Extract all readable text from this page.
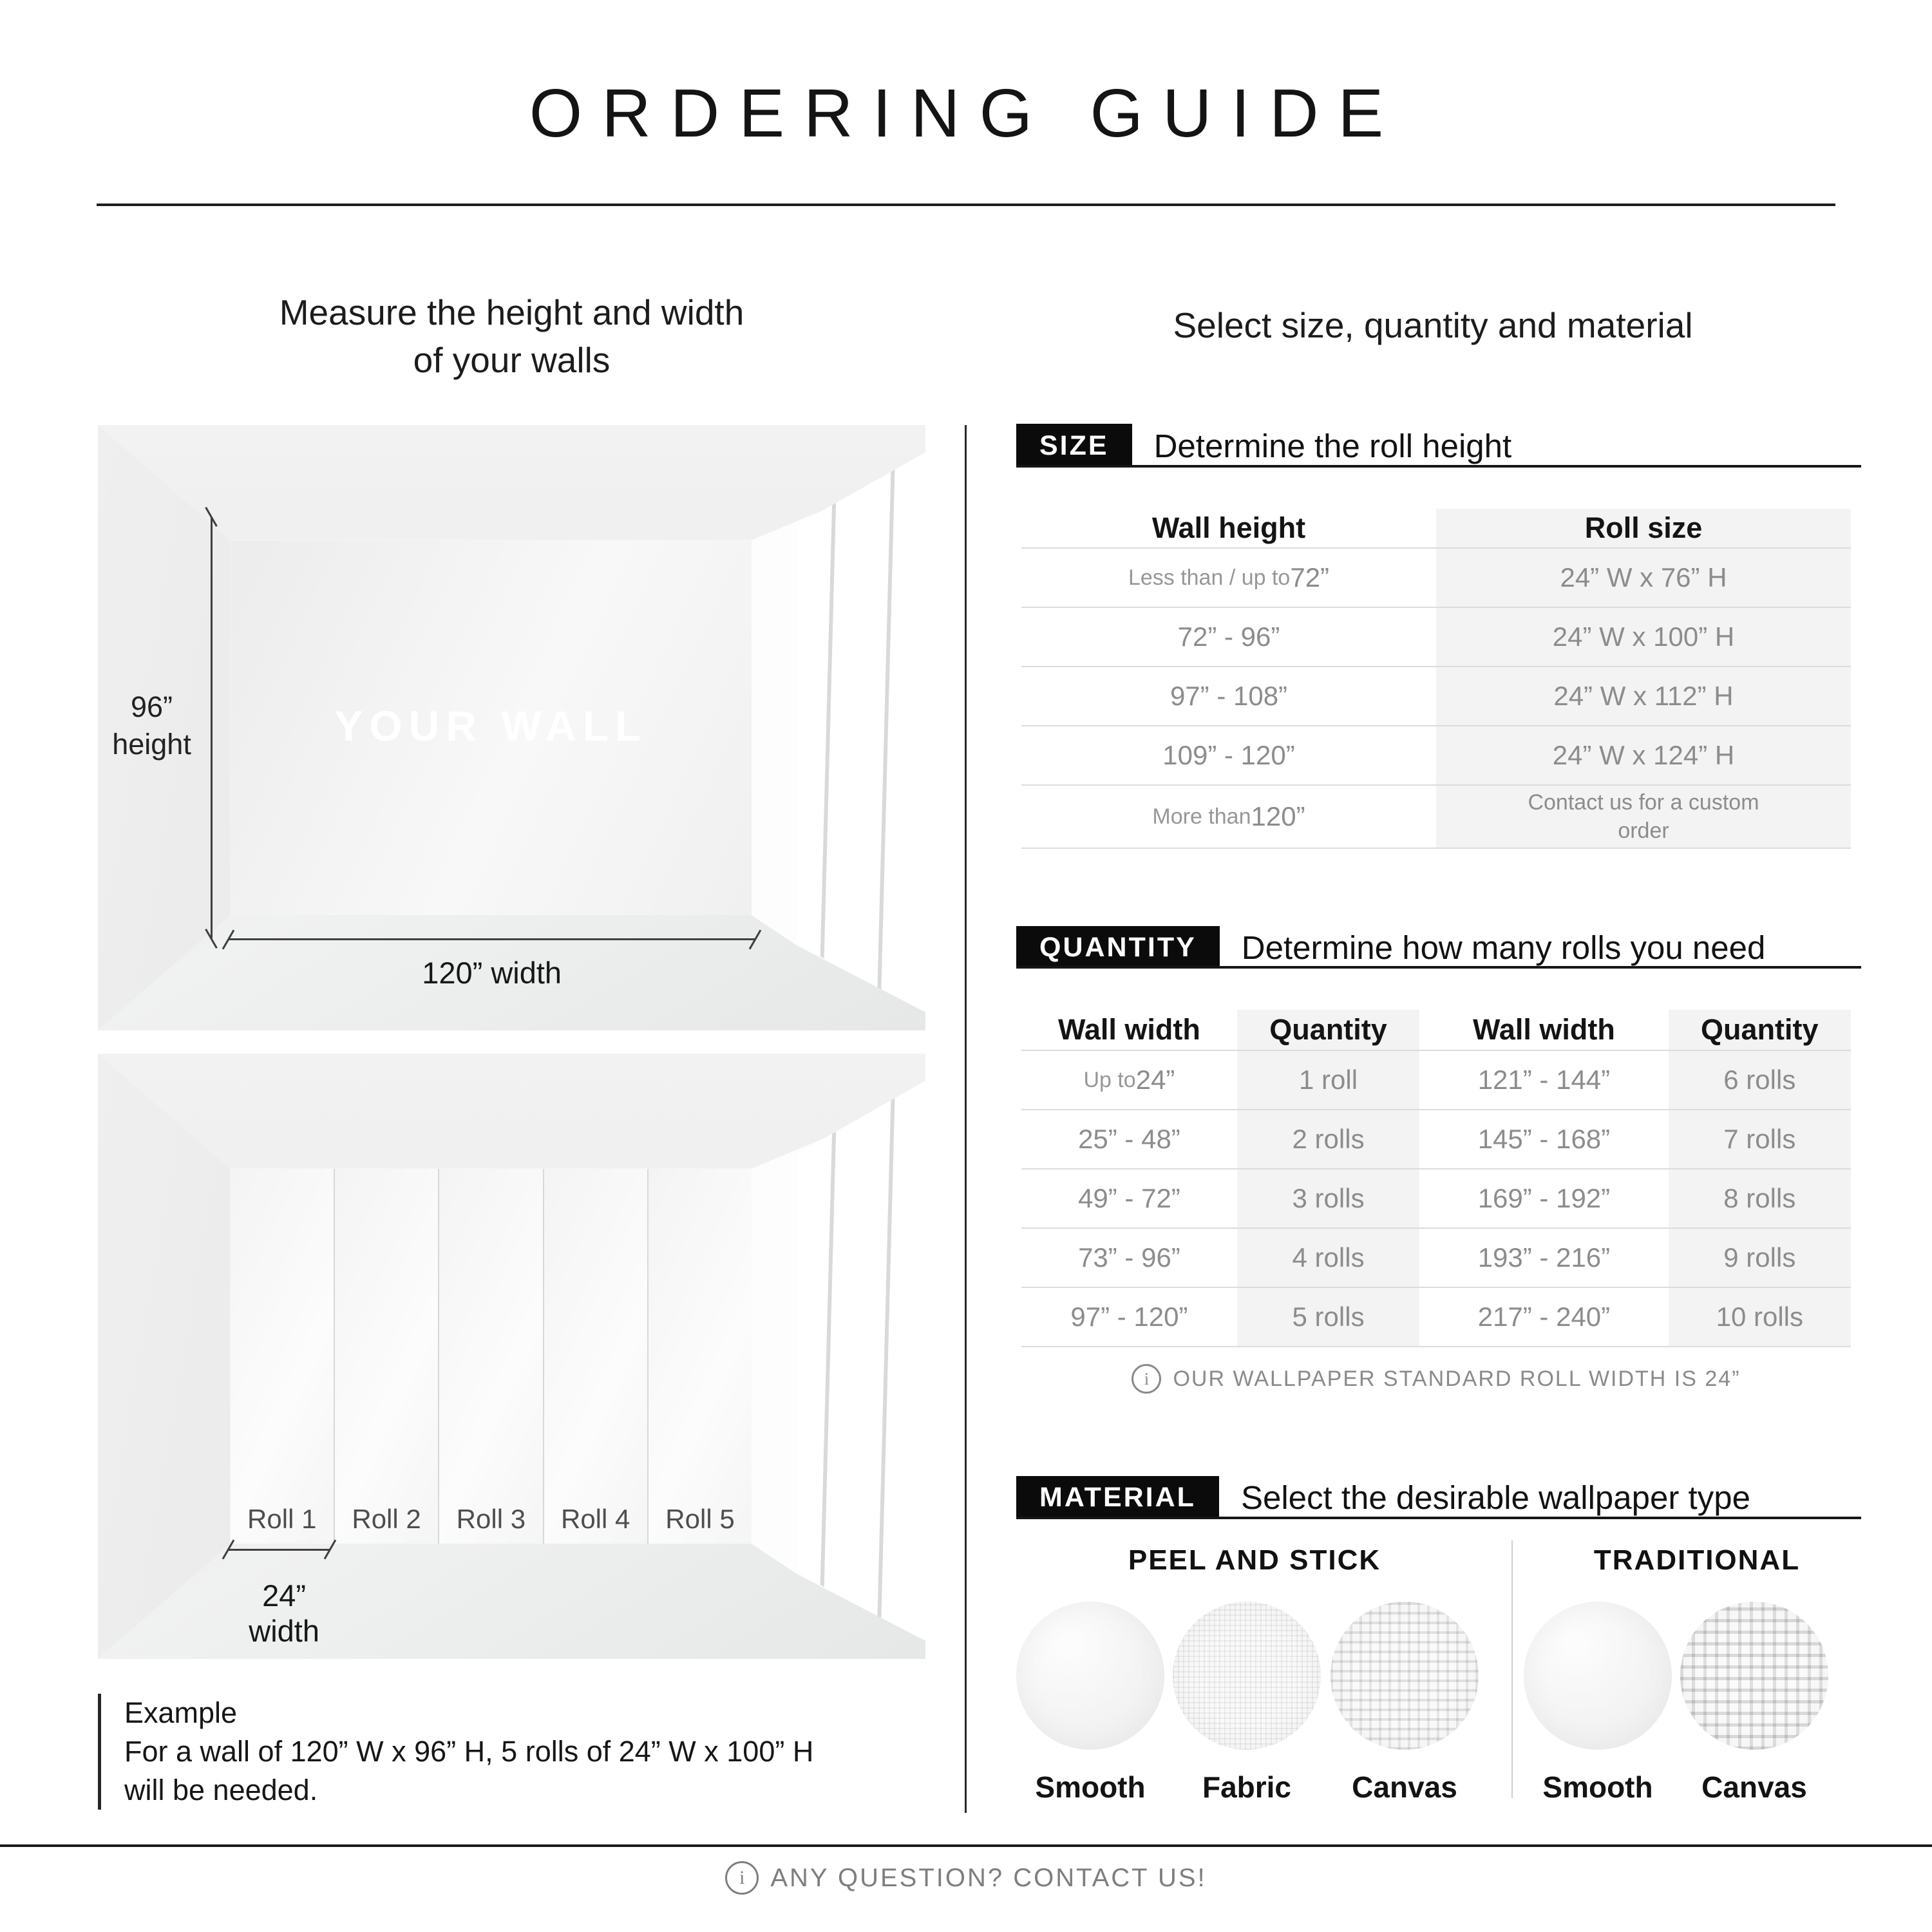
ORDERING GUIDE
Measure the height and width
of your walls
96”
height	YOUR WALL
120” width
Roll 1	Roll 2	Roll 3	Roll 4	Roll 5
24” width
Example
For a wall of 120” W x 96” H, 5 rolls of 24” W x 100” H
will be needed.
Select size, quantity and material
SIZE	Determine the roll height
Wall height	Roll size
Less than / up to 72”	24” W x 76” H
72” - 96”	24” W x 100” H
97” - 108”	24” W x 112” H
109” - 120”	24” W x 124” H
More than 120”	Contact us for a custom order
QUANTITY	Determine how many rolls you need
Wall width	Quantity	Wall width	Quantity
Up to 24”	1 roll	121” - 144”	6 rolls
25” - 48”	2 rolls	145” - 168”	7 rolls
49” - 72”	3 rolls	169” - 192”	8 rolls
73” - 96”	4 rolls	193” - 216”	9 rolls
97” - 120”	5 rolls	217” - 240”	10 rolls
i	OUR WALLPAPER STANDARD ROLL WIDTH IS 24”
MATERIAL	Select the desirable wallpaper type
PEEL AND STICK	TRADITIONAL
Smooth	Fabric	Canvas	Smooth	Canvas
i ANY QUESTION? CONTACT US!
